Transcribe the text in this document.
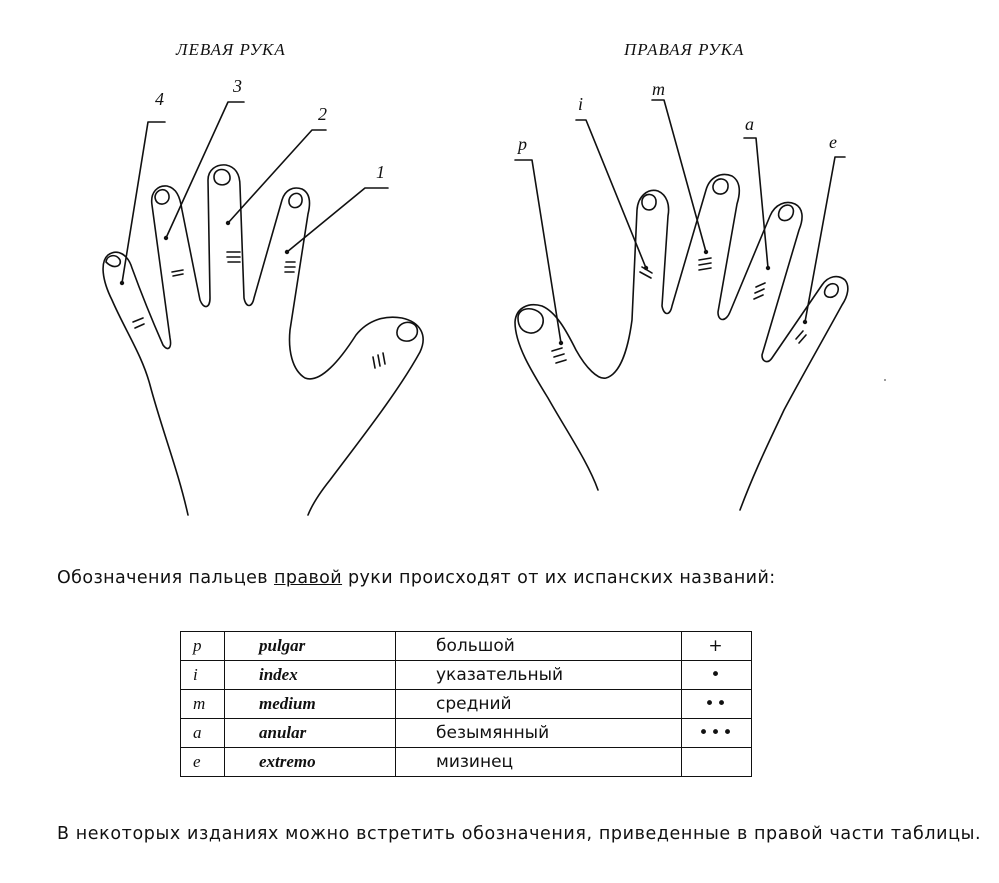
ЛЕВАЯ РУКА	ПРАВАЯ РУКА
4
3
2
1
p
i
m
a
e
Обозначения пальцев правой руки происходят от их испанских названий:
p	pulgar	большой	+
i	index	указательный	•
m	medium	средний	••
a	anular	безымянный	•••
e	extremo	мизинец	
В некоторых изданиях можно встретить обозначения, приведенные в правой части таблицы.
